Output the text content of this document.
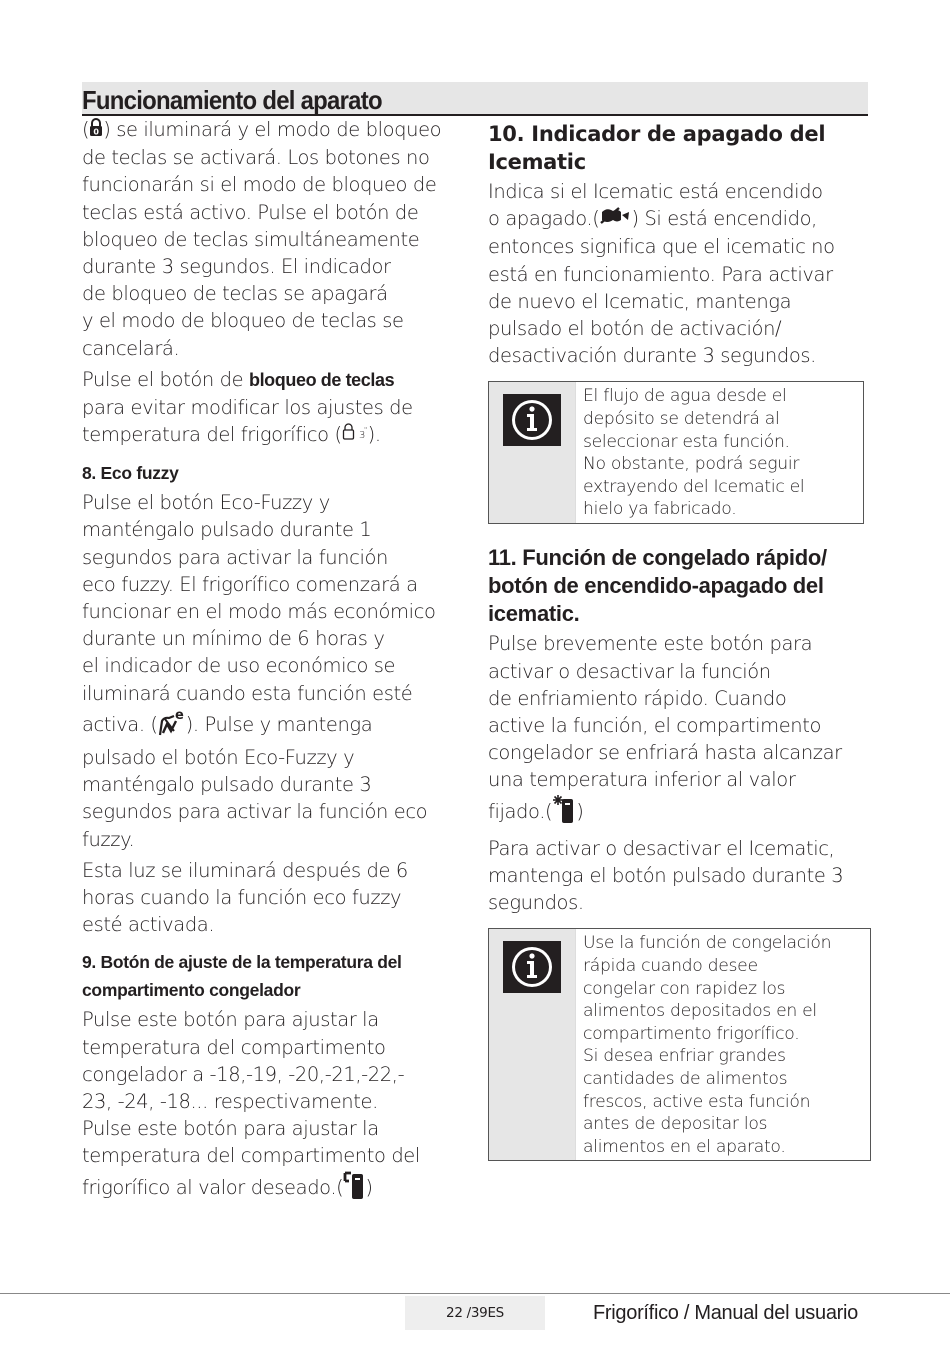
Funcionamiento del aparato

( 0 ) se iluminará y el modo de bloqueo
de teclas se activará. Los botones no
funcionarán si el modo de bloqueo de
teclas está activo. Pulse el botón de
bloqueo de teclas simultáneamente
durante 3 segundos. El indicador
de bloqueo de teclas se apagará
y el modo de bloqueo de teclas se
cancelará.

Pulse el botón de bloqueo de teclas
para evitar modificar los ajustes de
temperatura del frigorífico ( 3 " ).

8. Eco fuzzy

Pulse el botón Eco-Fuzzy y
manténgalo pulsado durante 1
segundos para activar la función
eco fuzzy. El frigorífico comenzará a
funcionar en el modo más económico
durante un mínimo de 6 horas y
el indicador de uso económico se
iluminará cuando esta función esté
activa. ( e ). Pulse y mantenga
pulsado el botón Eco-Fuzzy y
manténgalo pulsado durante 3
segundos para activar la función eco
fuzzy.

Esta luz se iluminará después de 6
horas cuando la función eco fuzzy
esté activada.

9. Botón de ajuste de la temperatura del
compartimento congelador

Pulse este botón para ajustar la
temperatura del compartimento
congelador a -18,-19, -20,-21,-22,-
23, -24, -18... respectivamente.

Pulse este botón para ajustar la
temperatura del compartimento del
frigorífico al valor deseado.( )

10. Indicador de apagado del
Icematic

Indica si el Icematic está encendido
o apagado.( ) Si está encendido,
entonces significa que el icematic no
está en funcionamiento. Para activar
de nuevo el Icematic, mantenga
pulsado el botón de activación/
desactivación durante 3 segundos.

El flujo de agua desde el
depósito se detendrá al
seleccionar esta función.
No obstante, podrá seguir
extrayendo del Icematic el
hielo ya fabricado.
11. Función de congelado rápido/
botón de encendido-apagado del
icematic.

Pulse brevemente este botón para
activar o desactivar la función
de enfriamiento rápido. Cuando
active la función, el compartimento
congelador se enfriará hasta alcanzar
una temperatura inferior al valor
fijado.( )

Para activar o desactivar el Icematic,
mantenga el botón pulsado durante 3
segundos.

Use la función de congelación
rápida cuando desee
congelar con rapidez los
alimentos depositados en el
compartimento frigorífico.
Si desea enfriar grandes
cantidades de alimentos
frescos, active esta función
antes de depositar los
alimentos en el aparato.
22 /39ES	Frigorífico / Manual del usuario
